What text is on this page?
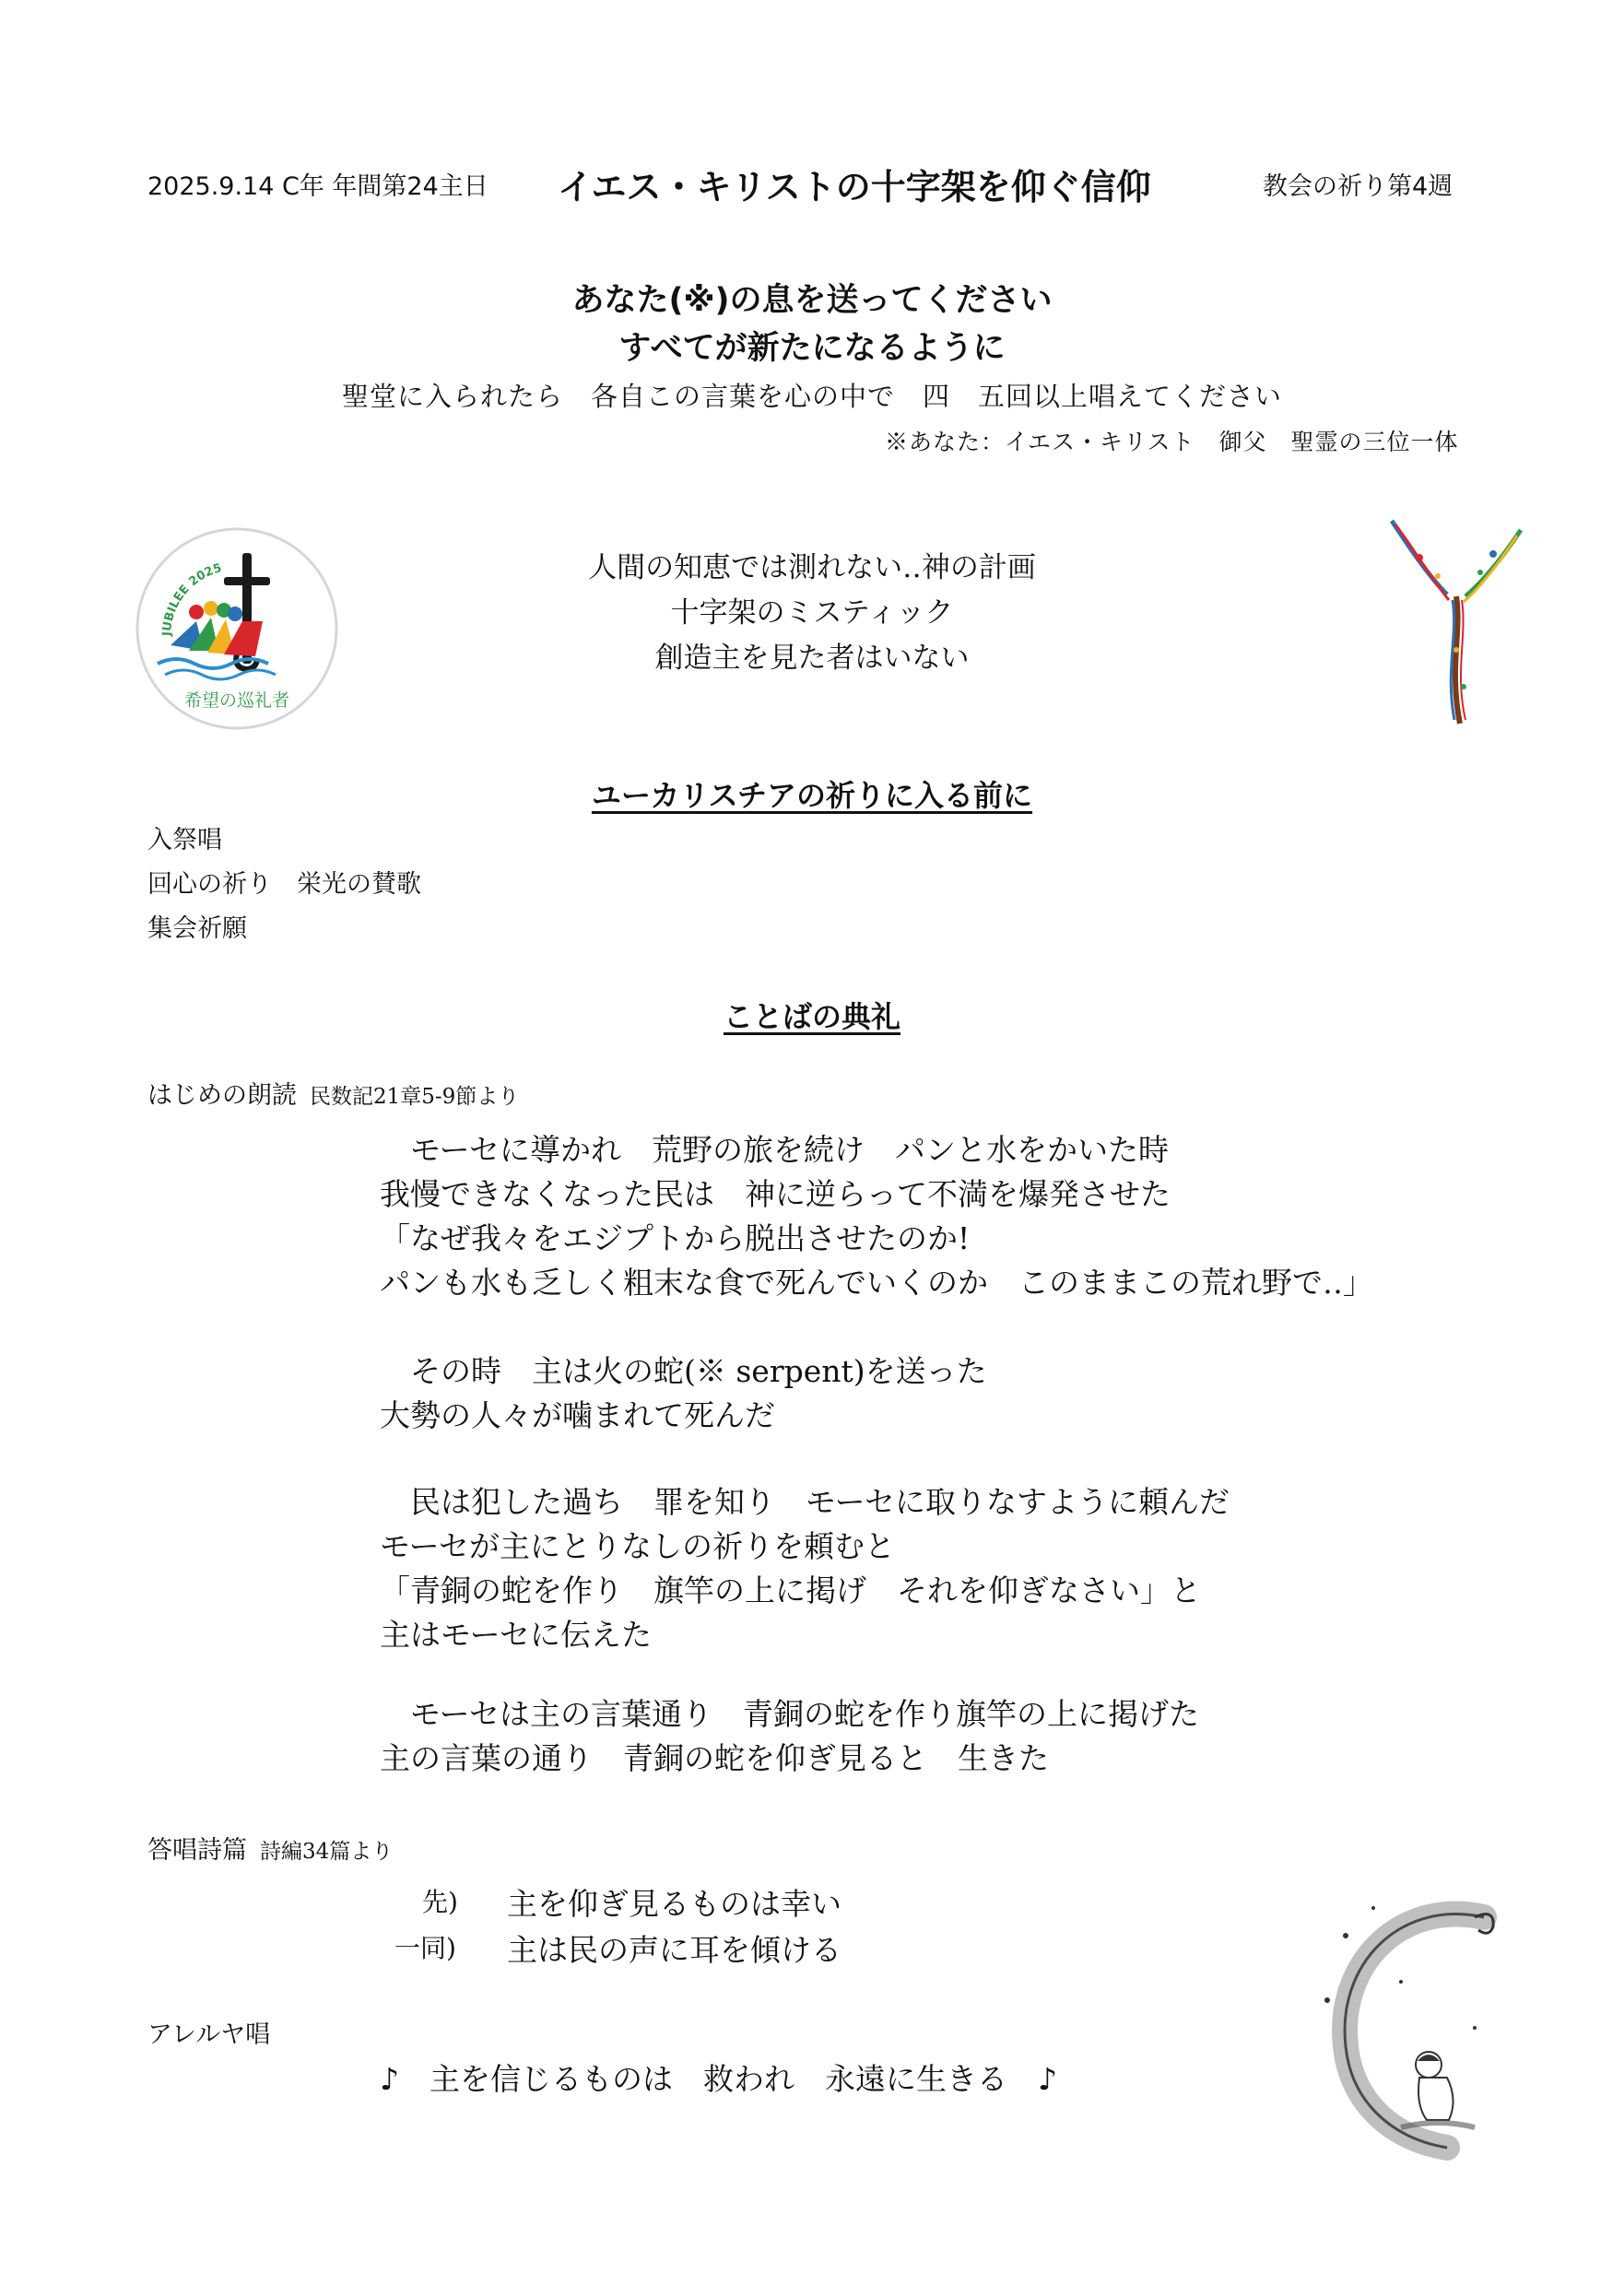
2025.9.14 C年 年間第24主日 イエス・キリストの十字架を仰ぐ信仰	教会の祈り第4週
あなた(※)の息を送ってください
すべてが新たになるように
聖堂に入られたら　各自この言葉を心の中で　四　五回以上唱えてください
※あなた：イエス・キリスト　御父　聖霊の三位一体
JUBILEE 2025
希望の巡礼者
人間の知恵では測れない‥神の計画
十字架のミスティック
創造主を見た者はいない
ユーカリスチアの祈りに入る前に
入祭唱
回心の祈り　栄光の賛歌
集会祈願
ことばの典礼
はじめの朗読 民数記21章5-9節より
　モーセに導かれ　荒野の旅を続け　パンと水をかいた時
我慢できなくなった民は　神に逆らって不満を爆発させた
「なぜ我々をエジプトから脱出させたのか!
パンも水も乏しく粗末な食で死んでいくのか　このままこの荒れ野で‥」
　その時　主は火の蛇(※ serpent)を送った
大勢の人々が噛まれて死んだ
　民は犯した過ち　罪を知り　モーセに取りなすように頼んだ
モーセが主にとりなしの祈りを頼むと
「青銅の蛇を作り　旗竿の上に掲げ　それを仰ぎなさい」と
主はモーセに伝えた
　モーセは主の言葉通り　青銅の蛇を作り旗竿の上に掲げた
主の言葉の通り　青銅の蛇を仰ぎ見ると　生きた
答唱詩篇 詩編34篇より
先) 主を仰ぎ見るものは幸い
一同) 主は民の声に耳を傾ける
アレルヤ唱
♪　主を信じるものは　救われ　永遠に生きる　♪
